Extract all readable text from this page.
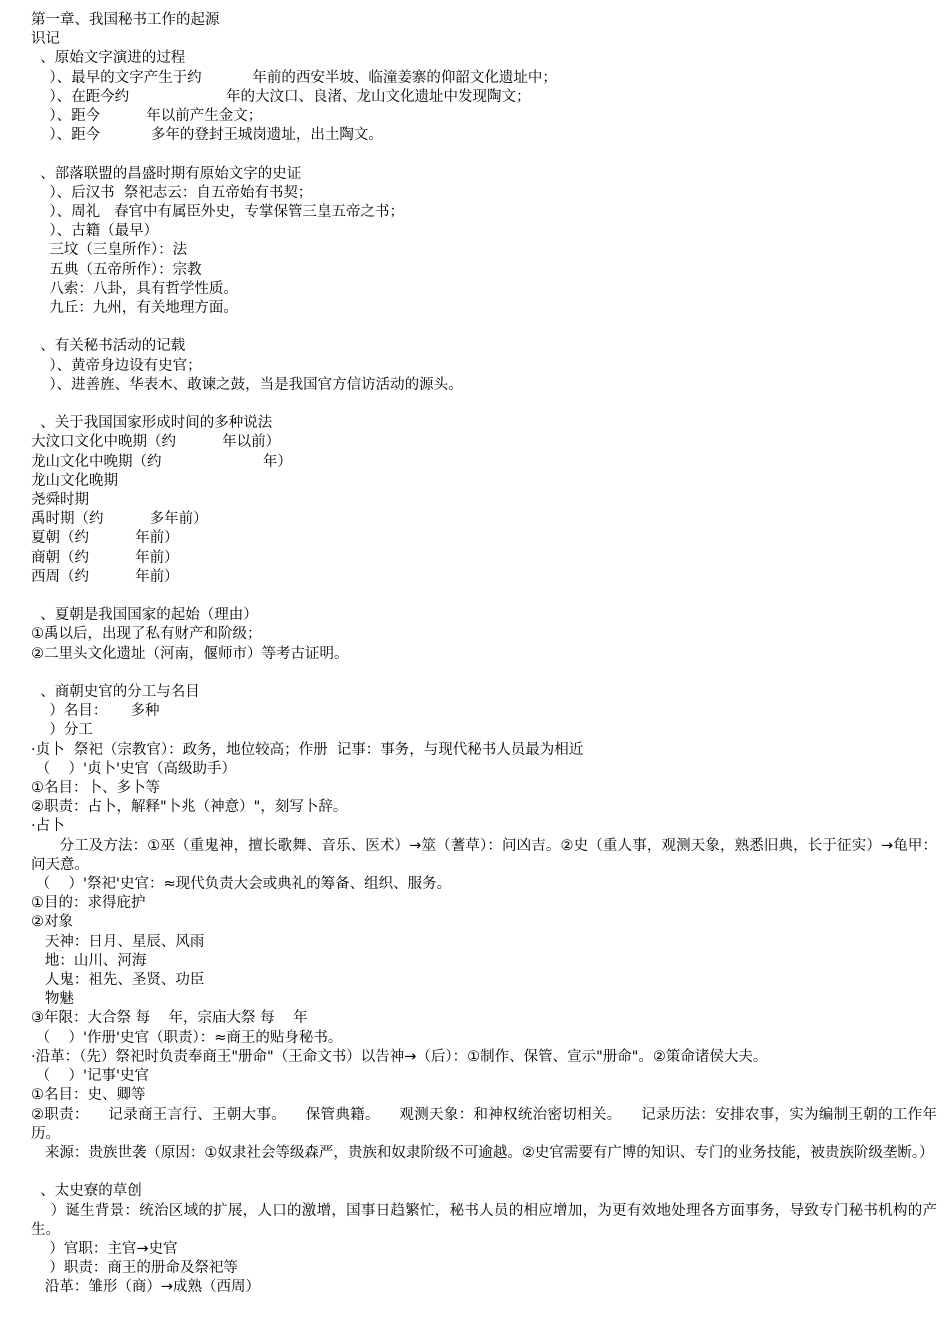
第一章、我国秘书工作的起源
识记
、原始文字演进的过程
）、最早的文字产生于约           年前的西安半坡、临潼姜寨的仰韶文化遗址中；
）、在距今约                     年的大汶口、良渚、龙山文化遗址中发现陶文；
）、距今          年以前产生金文；
）、距今           多年的登封王城岗遗址，出土陶文。
、部落联盟的昌盛时期有原始文字的史证
）、后汉书  祭祀志云：自五帝始有书契；
）、周礼   春官中有属臣外史，专掌保管三皇五帝之书；
）、古籍（最早）
三坟（三皇所作）：法
五典（五帝所作）：宗教
八索：八卦，具有哲学性质。
九丘：九州，有关地理方面。
、有关秘书活动的记载
）、黄帝身边设有史官；
）、进善旌、华表木、敢谏之鼓，当是我国官方信访活动的源头。
、关于我国国家形成时间的多种说法
大汶口文化中晚期（约          年以前）
龙山文化中晚期（约                      年）
龙山文化晚期
尧舜时期
禹时期（约          多年前）
夏朝（约          年前）
商朝（约          年前）
西周（约          年前）
、夏朝是我国国家的起始（理由）
①禹以后，出现了私有财产和阶级；
②二里头文化遗址（河南，偃师市）等考古证明。
、商朝史官的分工与名目
）名目：     多种
）分工
·贞卜  祭祀（宗教官）：政务，地位较高；作册  记事：事务，与现代秘书人员最为相近
（    ）'贞卜'史官（高级助手）
①名目：卜、多卜等
②职责：占卜，解释"卜兆（神意）"，刻写卜辞。
·占卜
分工及方法：①巫（重鬼神，擅长歌舞、音乐、医术）→筮（蓍草）：问凶吉。②史（重人事，观测天象，熟悉旧典，长于征实）→龟甲：问天意。
（    ）'祭祀'史官：≈现代负责大会或典礼的筹备、组织、服务。
①目的：求得庇护
②对象
天神：日月、星辰、风雨
地：山川、河海
人鬼：祖先、圣贤、功臣
物魅
③年限：大合祭 每    年，宗庙大祭 每    年
（    ）'作册'史官（职责）：≈商王的贴身秘书。
·沿革：（先）祭祀时负责奉商王"册命"（王命文书）以告神→（后）：①制作、保管、宣示"册命"。②策命诸侯大夫。
（    ）'记事'史官
①名目：史、卿等
②职责：    记录商王言行、王朝大事。    保管典籍。    观测天象：和神权统治密切相关。    记录历法：安排农事，实为编制王朝的工作年历。
来源：贵族世袭（原因：①奴隶社会等级森严，贵族和奴隶阶级不可逾越。②史官需要有广博的知识、专门的业务技能，被贵族阶级垄断。）
、太史寮的草创
）诞生背景：统治区域的扩展，人口的激增，国事日趋繁忙，秘书人员的相应增加，为更有效地处理各方面事务，导致专门秘书机构的产生。
）官职：主官→史官
）职责：商王的册命及祭祀等
沿革：雏形（商）→成熟（西周）
